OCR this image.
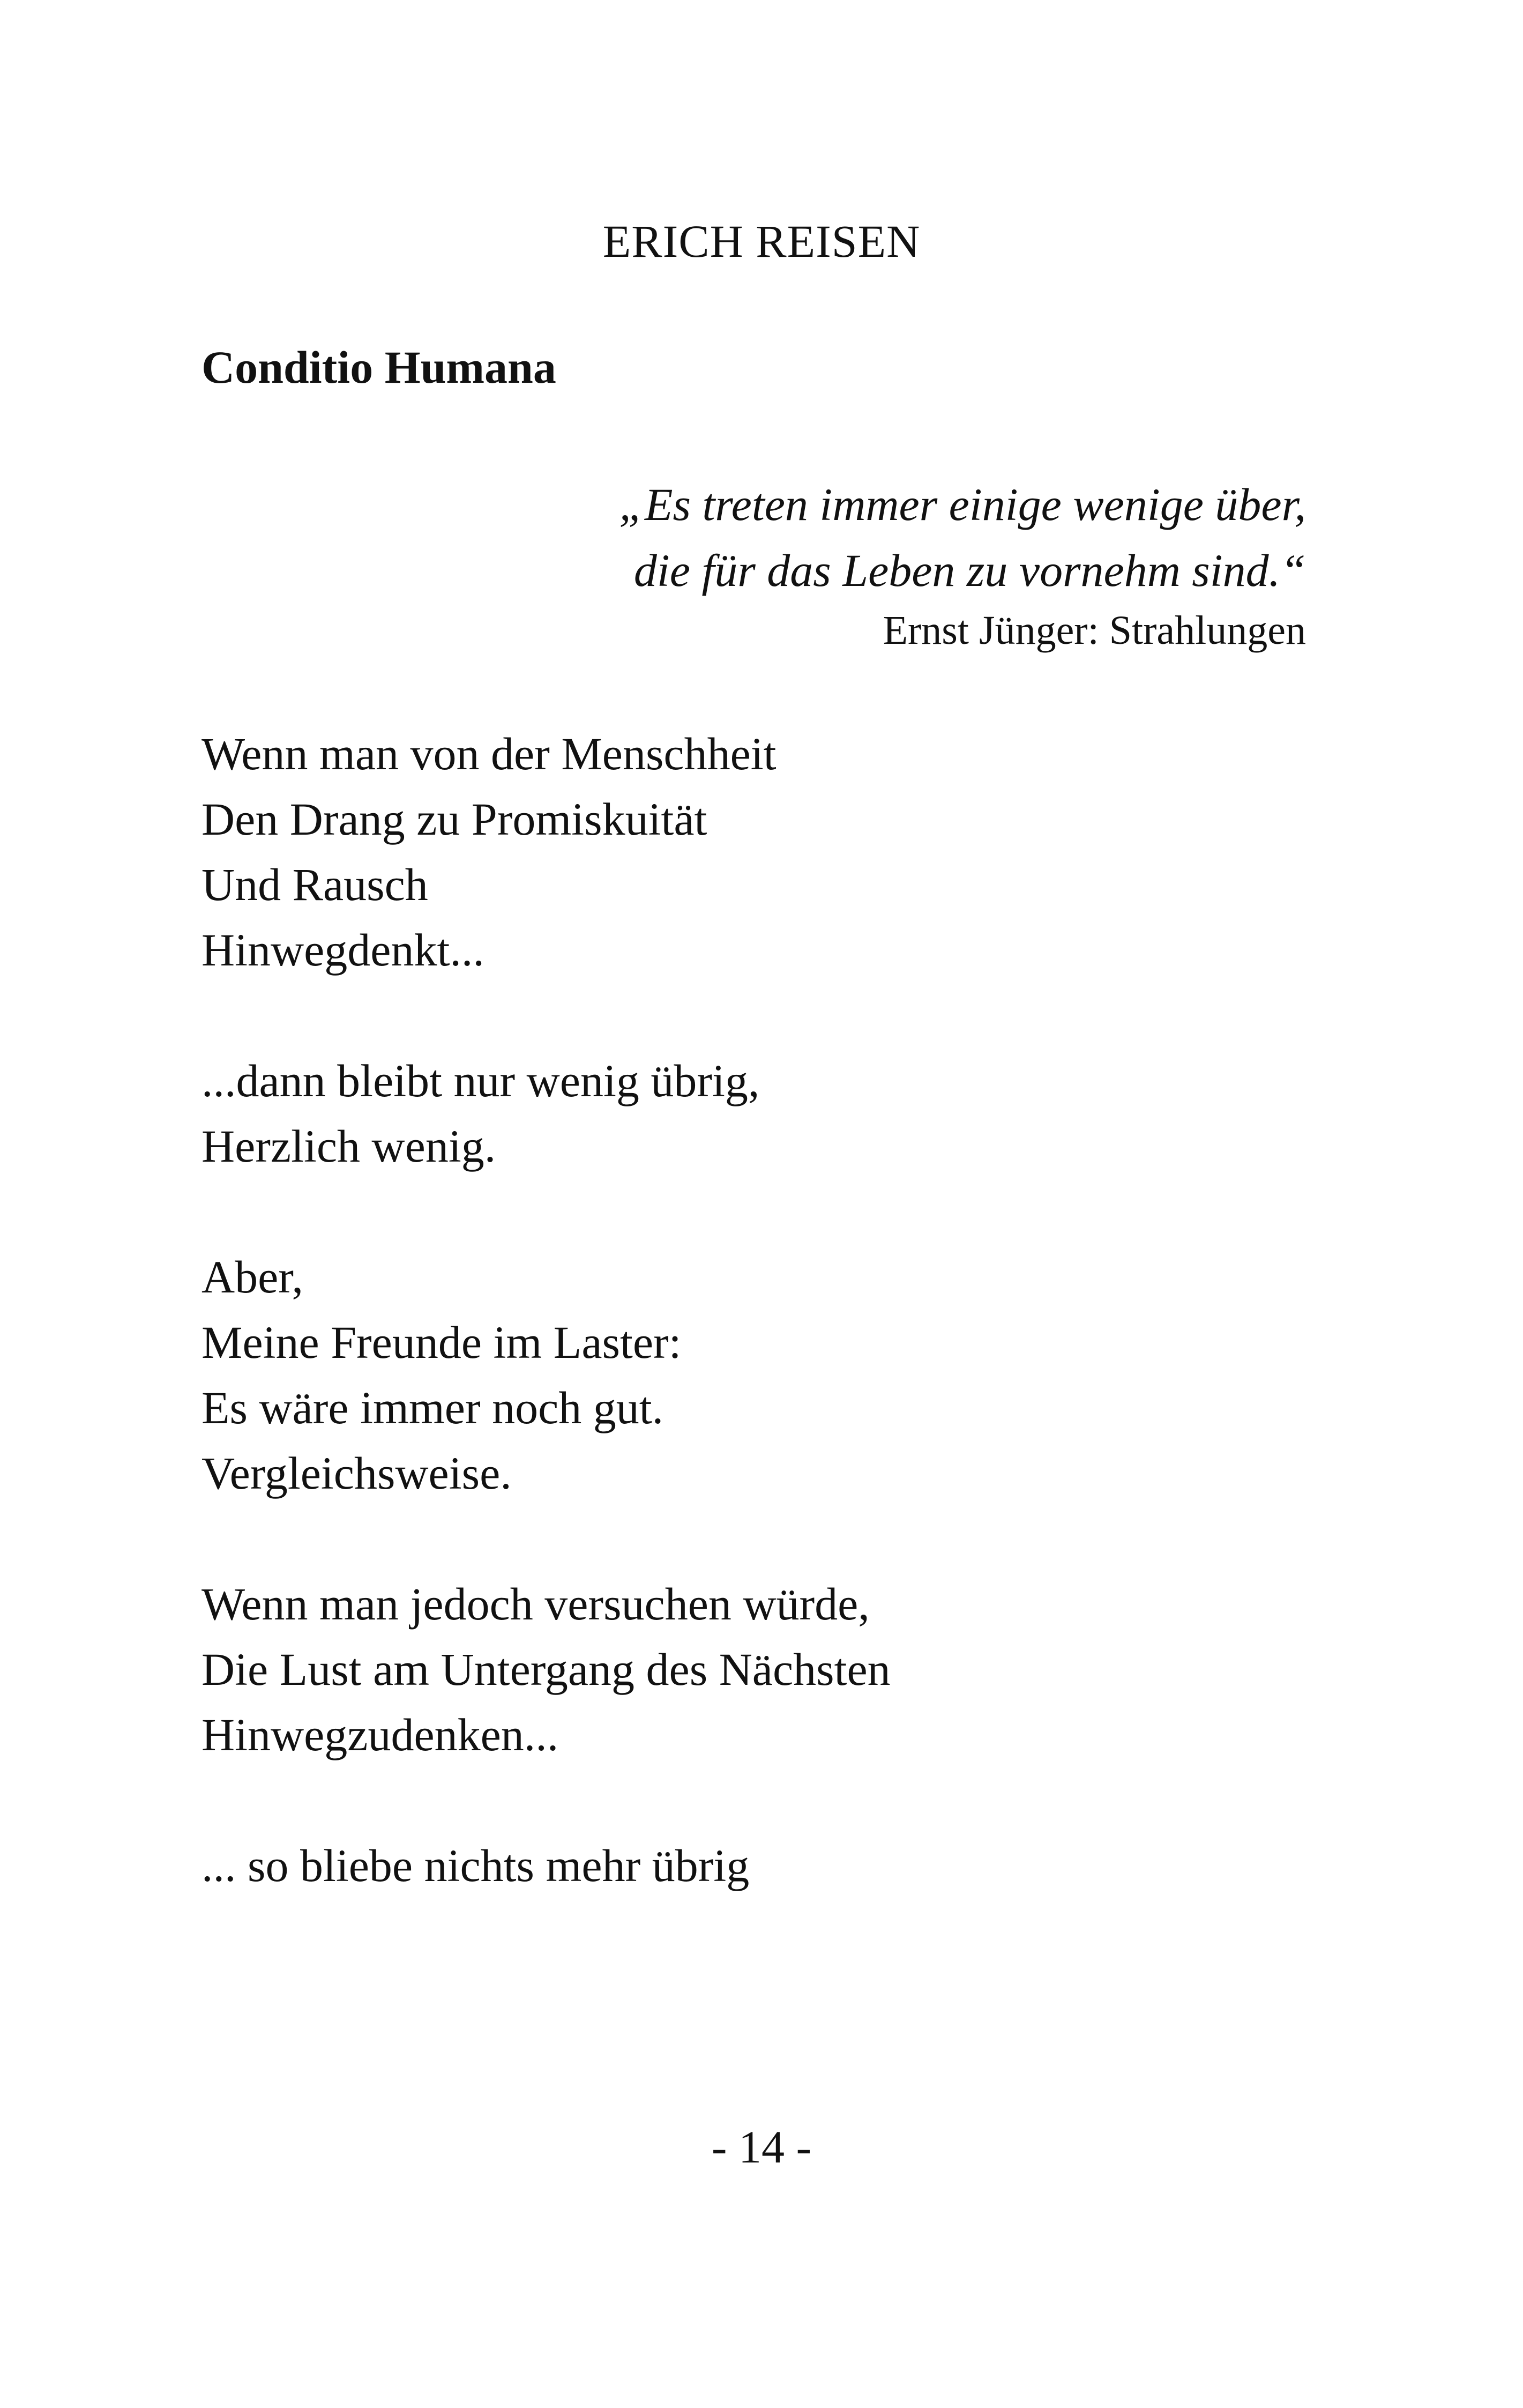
ERICH REISEN
Conditio Humana

„Es treten immer einige wenige über,
die für das Leben zu vornehm sind.“

Ernst Jünger: Strahlungen

Wenn man von der Menschheit
Den Drang zu Promiskuität
Und Rausch
Hinwegdenkt...

...dann bleibt nur wenig übrig,
Herzlich wenig.

Aber,
Meine Freunde im Laster:
Es wäre immer noch gut.
Vergleichsweise.

Wenn man jedoch versuchen würde,
Die Lust am Untergang des Nächsten
Hinwegzudenken...

... so bliebe nichts mehr übrig

- 14 -
